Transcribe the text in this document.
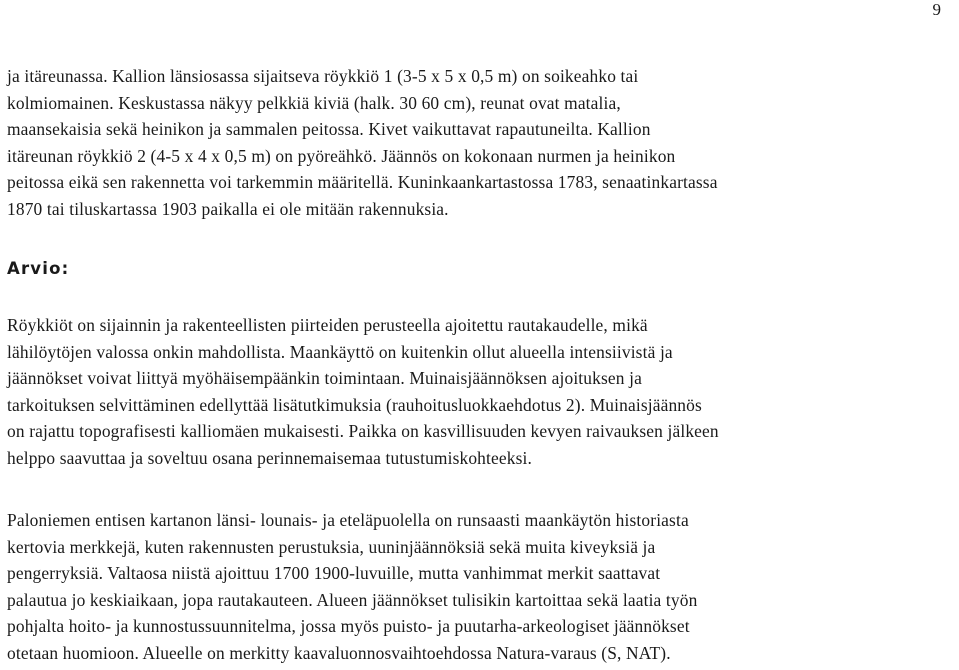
9

ja itäreunassa. Kallion länsiosassa sijaitseva röykkiö 1 (3-5 x 5 x 0,5 m) on soikeahko tai
kolmiomainen. Keskustassa näkyy pelkkiä kiviä (halk. 30 60 cm), reunat ovat matalia,
maansekaisia sekä heinikon ja sammalen peitossa. Kivet vaikuttavat rapautuneilta. Kallion
itäreunan röykkiö 2 (4-5 x 4 x 0,5 m) on pyöreähkö. Jäännös on kokonaan nurmen ja heinikon
peitossa eikä sen rakennetta voi tarkemmin määritellä. Kuninkaankartastossa 1783, senaatinkartassa
1870 tai tiluskartassa 1903 paikalla ei ole mitään rakennuksia.

Arvio:

Röykkiöt on sijainnin ja rakenteellisten piirteiden perusteella ajoitettu rautakaudelle, mikä
lähilöytöjen valossa onkin mahdollista. Maankäyttö on kuitenkin ollut alueella intensiivistä ja
jäännökset voivat liittyä myöhäisempäänkin toimintaan. Muinaisjäännöksen ajoituksen ja
tarkoituksen selvittäminen edellyttää lisätutkimuksia (rauhoitusluokkaehdotus 2). Muinaisjäännös
on rajattu topografisesti kalliomäen mukaisesti. Paikka on kasvillisuuden kevyen raivauksen jälkeen
helppo saavuttaa ja soveltuu osana perinnemaisemaa tutustumiskohteeksi.

Paloniemen entisen kartanon länsi- lounais- ja eteläpuolella on runsaasti maankäytön historiasta
kertovia merkkejä, kuten rakennusten perustuksia, uuninjäännöksiä sekä muita kiveyksiä ja
pengerryksiä. Valtaosa niistä ajoittuu 1700 1900-luvuille, mutta vanhimmat merkit saattavat
palautua jo keskiaikaan, jopa rautakauteen. Alueen jäännökset tulisikin kartoittaa sekä laatia työn
pohjalta hoito- ja kunnostussuunnitelma, jossa myös puisto- ja puutarha-arkeologiset jäännökset
otetaan huomioon. Alueelle on merkitty kaavaluonnosvaihtoehdossa Natura-varaus (S, NAT).
